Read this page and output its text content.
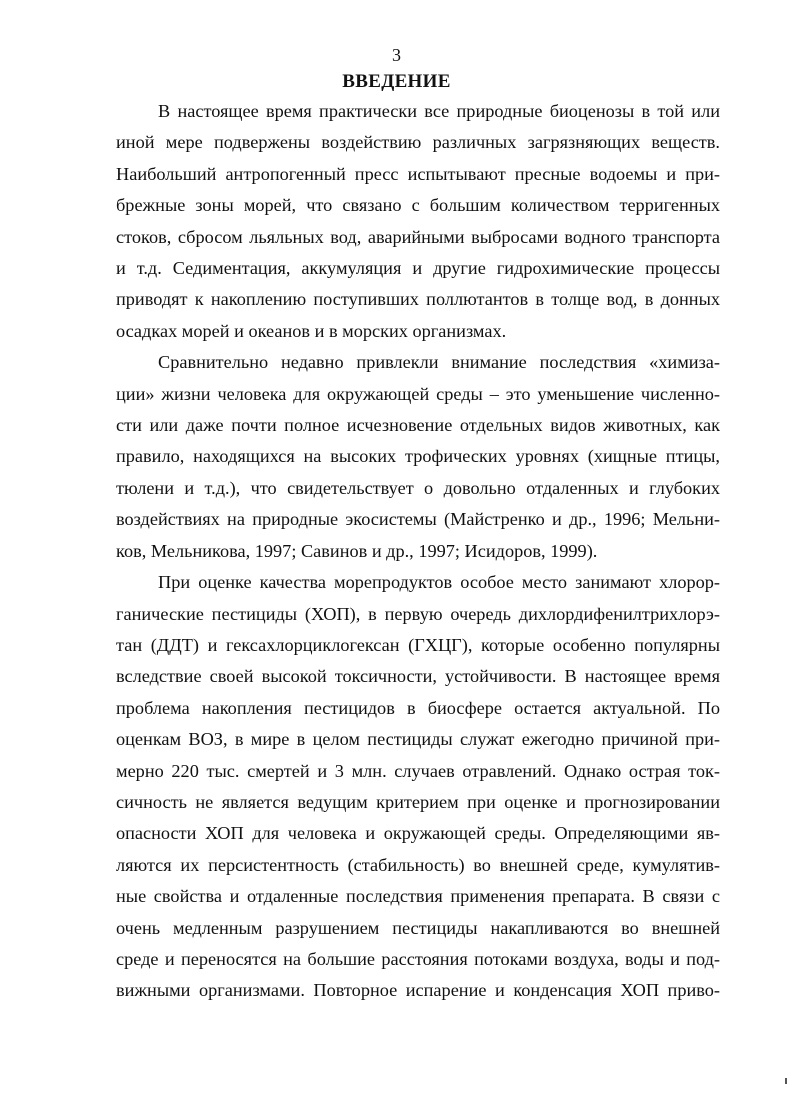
3
ВВЕДЕНИЕ

В настоящее время практически все природные биоценозы в той или
иной мере подвержены воздействию различных загрязняющих веществ.
Наибольший антропогенный пресс испытывают пресные водоемы и при-
брежные зоны морей, что связано с большим количеством терригенных
стоков, сбросом льяльных вод, аварийными выбросами водного транспорта
и т.д. Седиментация, аккумуляция и другие гидрохимические процессы
приводят к накоплению поступивших поллютантов в толще вод, в донных
осадках морей и океанов и в морских организмах.

Сравнительно недавно привлекли внимание последствия «химиза-
ции» жизни человека для окружающей среды – это уменьшение численно-
сти или даже почти полное исчезновение отдельных видов животных, как
правило, находящихся на высоких трофических уровнях (хищные птицы,
тюлени и т.д.), что свидетельствует о довольно отдаленных и глубоких
воздействиях на природные экосистемы (Майстренко и др., 1996; Мельни-
ков, Мельникова, 1997; Савинов и др., 1997; Исидоров, 1999).

При оценке качества морепродуктов особое место занимают хлорор-
ганические пестициды (ХОП), в первую очередь дихлордифенилтрихлорэ-
тан (ДДТ) и гексахлорциклогексан (ГХЦГ), которые особенно популярны
вследствие своей высокой токсичности, устойчивости. В настоящее время
проблема накопления пестицидов в биосфере остается актуальной. По
оценкам ВОЗ, в мире в целом пестициды служат ежегодно причиной при-
мерно 220 тыс. смертей и 3 млн. случаев отравлений. Однако острая ток-
сичность не является ведущим критерием при оценке и прогнозировании
опасности ХОП для человека и окружающей среды. Определяющими яв-
ляются их персистентность (стабильность) во внешней среде, кумулятив-
ные свойства и отдаленные последствия применения препарата. В связи с
очень медленным разрушением пестициды накапливаются во внешней
среде и переносятся на большие расстояния потоками воздуха, воды и под-
вижными организмами. Повторное испарение и конденсация ХОП приво-
